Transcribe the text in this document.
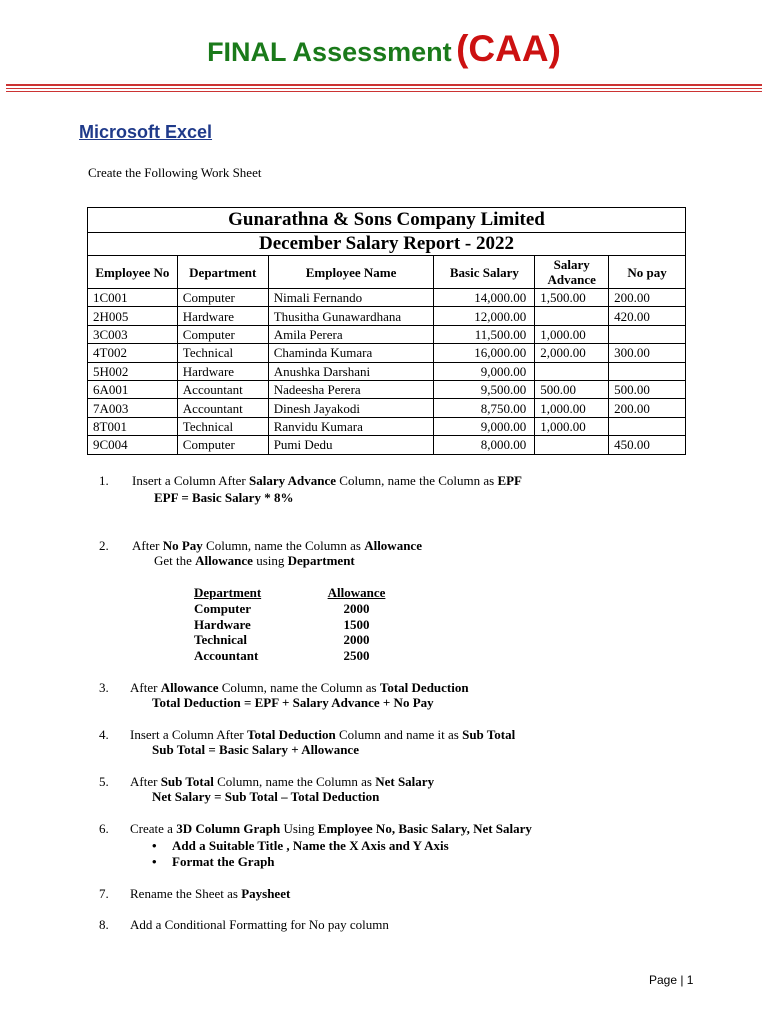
FINAL Assessment (CAA)
Microsoft Excel
Create the Following Work Sheet
Gunarathna & Sons Company Limited					
December Salary Report - 2022					
Employee No	Department	Employee Name	Basic Salary	Salary Advance	No pay
1C001	Computer	Nimali Fernando	14,000.00	1,500.00	200.00
2H005	Hardware	Thusitha Gunawardhana	12,000.00		420.00
3C003	Computer	Amila Perera	11,500.00	1,000.00	
4T002	Technical	Chaminda Kumara	16,000.00	2,000.00	300.00
5H002	Hardware	Anushka Darshani	9,000.00		
6A001	Accountant	Nadeesha Perera	9,500.00	500.00	500.00
7A003	Accountant	Dinesh Jayakodi	8,750.00	1,000.00	200.00
8T001	Technical	Ranvidu Kumara	9,000.00	1,000.00	
9C004	Computer	Pumi Dedu	8,000.00		450.00
1. Insert a Column After Salary Advance Column, name the Column as EPF
EPF = Basic Salary * 8%
2. After No Pay Column, name the Column as Allowance
Get the Allowance using Department
Department	Allowance
Computer	2000
Hardware	1500
Technical	2000
Accountant	2500
3. After Allowance Column, name the Column as Total Deduction
Total Deduction = EPF + Salary Advance + No Pay
4. Insert a Column After Total Deduction Column and name it as Sub Total
Sub Total = Basic Salary + Allowance
5. After Sub Total Column, name the Column as Net Salary
Net Salary = Sub Total – Total Deduction
6. Create a 3D Column Graph Using Employee No, Basic Salary, Net Salary
• Add a Suitable Title , Name the X Axis and Y Axis
• Format the Graph
7. Rename the Sheet as Paysheet
8. Add a Conditional Formatting for No pay column
Page | 1
